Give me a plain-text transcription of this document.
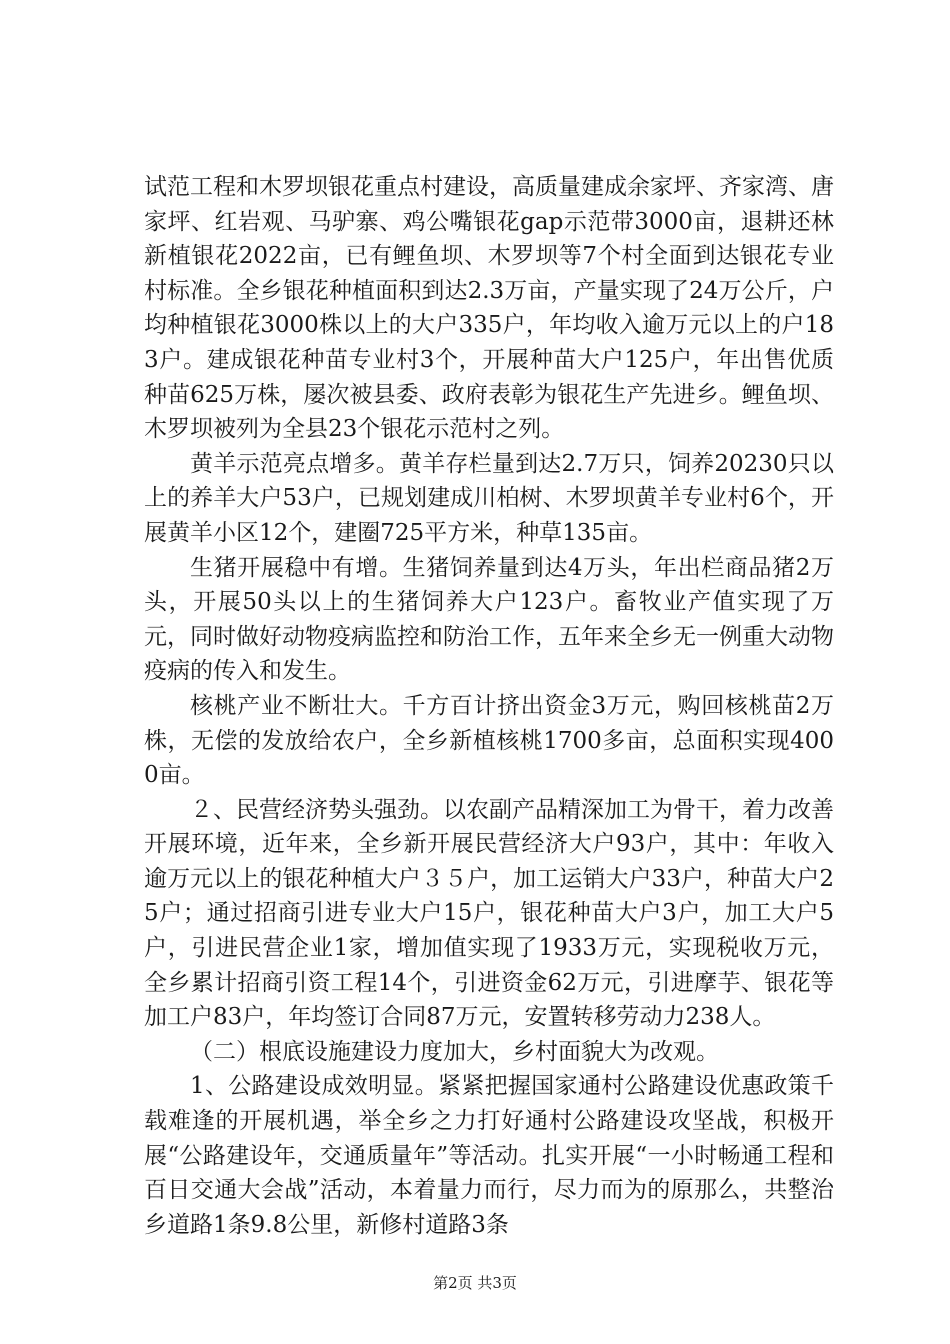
试范工程和木罗坝银花重点村建设，高质量建成余家坪、齐家湾、唐家坪、红岩观、马驴寨、鸡公嘴银花gap示范带3000亩，退耕还林新植银花2022亩，已有鲤鱼坝、木罗坝等7个村全面到达银花专业村标准。全乡银花种植面积到达2.3万亩，产量实现了24万公斤，户均种植银花3000株以上的大户335户，年均收入逾万元以上的户183户。建成银花种苗专业村3个，开展种苗大户125户，年出售优质种苗625万株，屡次被县委、政府表彰为银花生产先进乡。鲤鱼坝、木罗坝被列为全县23个银花示范村之列。

黄羊示范亮点增多。黄羊存栏量到达2.7万只，饲养20230只以上的养羊大户53户，已规划建成川柏树、木罗坝黄羊专业村6个，开展黄羊小区12个，建圈725平方米，种草135亩。

生猪开展稳中有增。生猪饲养量到达4万头，年出栏商品猪2万头，开展50头以上的生猪饲养大户123户。畜牧业产值实现了万元，同时做好动物疫病监控和防治工作，五年来全乡无一例重大动物疫病的传入和发生。

核桃产业不断壮大。千方百计挤出资金3万元，购回核桃苗2万株，无偿的发放给农户，全乡新植核桃1700多亩，总面积实现4000亩。

２、民营经济势头强劲。以农副产品精深加工为骨干，着力改善开展环境，近年来，全乡新开展民营经济大户93户，其中：年收入逾万元以上的银花种植大户３５户，加工运销大户33户，种苗大户25户；通过招商引进专业大户15户，银花种苗大户3户，加工大户5户，引进民营企业1家，增加值实现了1933万元，实现税收万元，全乡累计招商引资工程14个，引进资金62万元，引进摩芋、银花等加工户83户，年均签订合同87万元，安置转移劳动力238人。

（二）根底设施建设力度加大，乡村面貌大为改观。

1、公路建设成效明显。紧紧把握国家通村公路建设优惠政策千载难逢的开展机遇，举全乡之力打好通村公路建设攻坚战，积极开展“公路建设年，交通质量年”等活动。扎实开展“一小时畅通工程和百日交通大会战”活动，本着量力而行，尽力而为的原那么，共整治乡道路1条9.8公里，新修村道路3条

第2页 共3页
